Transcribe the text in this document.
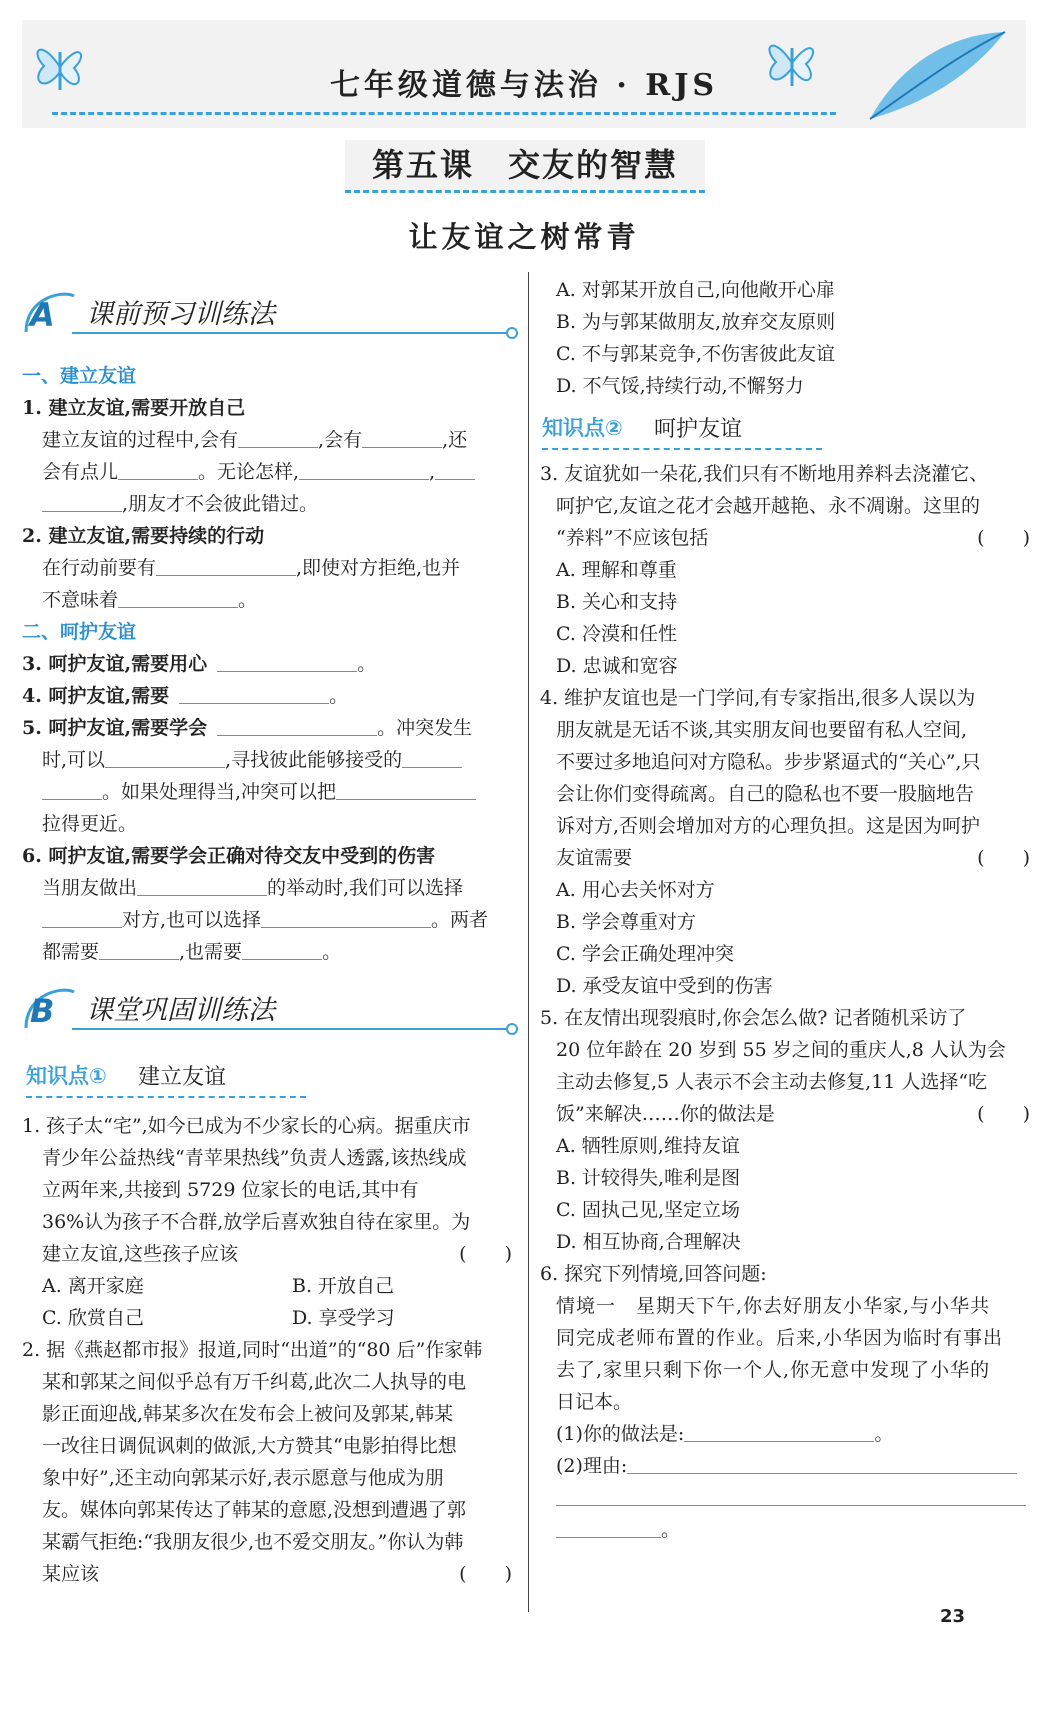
七年级道德与法治 · RJS
第五课　交友的智慧
让友谊之树常青
A 课前预习训练法
一、建立友谊
1. 建立友谊,需要开放自己
建立友谊的过程中,会有	,会有	,还
会有点儿	。无论怎样,	,
,朋友才不会彼此错过。
2. 建立友谊,需要持续的行动
在行动前要有	,即使对方拒绝,也并
不意味着	。
二、呵护友谊
3. 呵护友谊,需要用心	。
4. 呵护友谊,需要	。
5. 呵护友谊,需要学会	。冲突发生
时,可以	,寻找彼此能够接受的
。如果处理得当,冲突可以把
拉得更近。
6. 呵护友谊,需要学会正确对待交友中受到的伤害
当朋友做出	的举动时,我们可以选择
对方,也可以选择	。两者
都需要	,也需要	。
B 课堂巩固训练法
知识点① 建立友谊
1. 孩子太“宅”,如今已成为不少家长的心病。据重庆市
青少年公益热线“青苹果热线”负责人透露,该热线成
立两年来,共接到 5729 位家长的电话,其中有
36%认为孩子不合群,放学后喜欢独自待在家里。为
建立友谊,这些孩子应该	(　　)
A. 离开家庭	B. 开放自己
C. 欣赏自己	D. 享受学习
2. 据《燕赵都市报》报道,同时“出道”的“80 后”作家韩
某和郭某之间似乎总有万千纠葛,此次二人执导的电
影正面迎战,韩某多次在发布会上被问及郭某,韩某
一改往日调侃讽刺的做派,大方赞其“电影拍得比想
象中好”,还主动向郭某示好,表示愿意与他成为朋
友。媒体向郭某传达了韩某的意愿,没想到遭遇了郭
某霸气拒绝:“我朋友很少,也不爱交朋友。”你认为韩
某应该	(　　)
A. 对郭某开放自己,向他敞开心扉
B. 为与郭某做朋友,放弃交友原则
C. 不与郭某竞争,不伤害彼此友谊
D. 不气馁,持续行动,不懈努力
知识点② 呵护友谊
3. 友谊犹如一朵花,我们只有不断地用养料去浇灌它、
呵护它,友谊之花才会越开越艳、永不凋谢。这里的
“养料”不应该包括	(　　)
A. 理解和尊重
B. 关心和支持
C. 冷漠和任性
D. 忠诚和宽容
4. 维护友谊也是一门学问,有专家指出,很多人误以为
朋友就是无话不谈,其实朋友间也要留有私人空间,
不要过多地追问对方隐私。步步紧逼式的“关心”,只
会让你们变得疏离。自己的隐私也不要一股脑地告
诉对方,否则会增加对方的心理负担。这是因为呵护
友谊需要	(　　)
A. 用心去关怀对方
B. 学会尊重对方
C. 学会正确处理冲突
D. 承受友谊中受到的伤害
5. 在友情出现裂痕时,你会怎么做? 记者随机采访了
20 位年龄在 20 岁到 55 岁之间的重庆人,8 人认为会
主动去修复,5 人表示不会主动去修复,11 人选择“吃
饭”来解决……你的做法是	(　　)
A. 牺牲原则,维持友谊
B. 计较得失,唯利是图
C. 固执己见,坚定立场
D. 相互协商,合理解决
6. 探究下列情境,回答问题:
情境一　星期天下午,你去好朋友小华家,与小华共
同完成老师布置的作业。后来,小华因为临时有事出
去了,家里只剩下你一个人,你无意中发现了小华的
日记本。
(1)你的做法是:	。
(2)理由:
。
23
